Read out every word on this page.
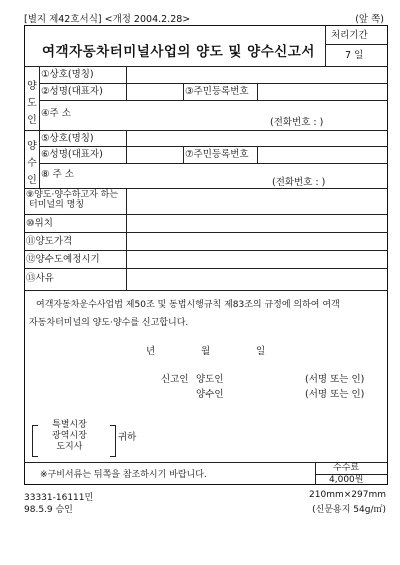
[별지 제42호서식] <개정 2004.2.28>	(앞 쪽)
여객자동차터미널사업의 양도 및 양수신고서
처리기간
7 일
양
도
인
①상호(명칭)
②성명(대표자)	③주민등록번호
④주 소
(전화번호 : )
양
수
인
⑤상호(명칭)
⑥성명(대표자)	⑦주민등록번호
⑧ 주 소
(전화번호 : )
⑨양도·양수하고자 하는
터미널의 명칭
⑩위치
⑪양도가격
⑫양수도예정시기
⑬사유
여객자동차운수사업법 제50조 및 동법시행규칙 제83조의 규정에 의하여 여객
자동차터미널의 양도·양수를 신고합니다.
년	월	일
신고인 양도인	(서명 또는 인)
양수인	(서명 또는 인)
특별시장
광역시장
도지사
귀하
※구비서류는 뒤쪽을 참조하시기 바랍니다.
수수료
4,000원
33331-16111민
98.5.9 승인
210mm×297mm
(신문용지 54g/㎡)
